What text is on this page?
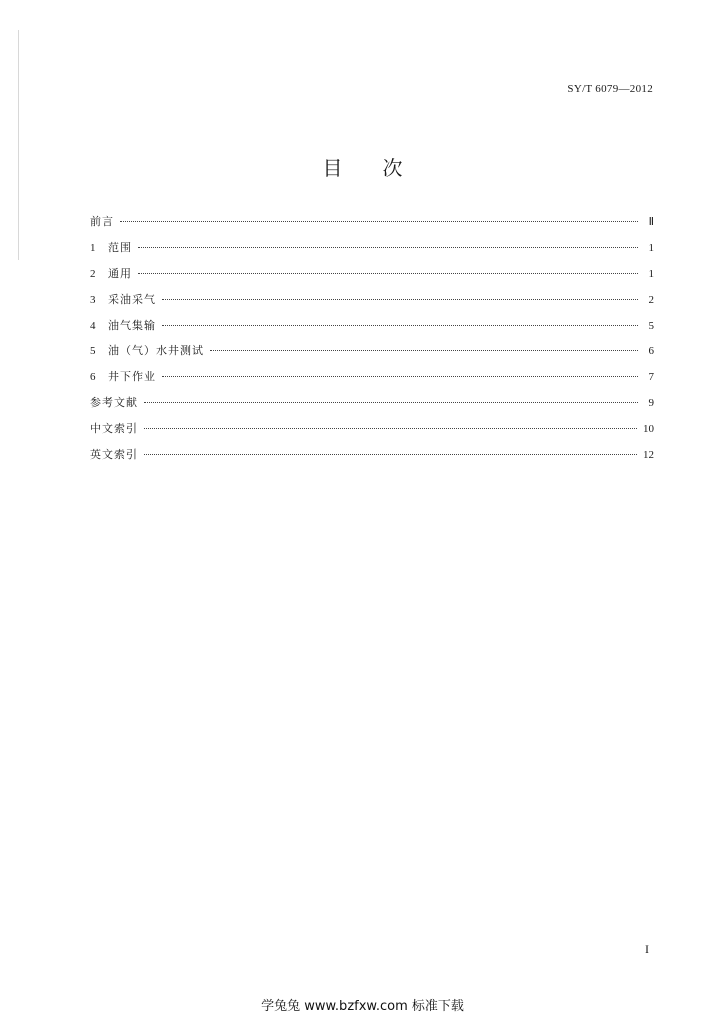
SY/T 6079—2012
目 次
前言	Ⅱ
1	范围	1
2	通用	1
3	采油采气	2
4	油气集输	5
5	油（气）水井测试	6
6	井下作业	7
参考文献	9
中文索引	10
英文索引	12
I
学兔兔 www.bzfxw.com 标准下载
